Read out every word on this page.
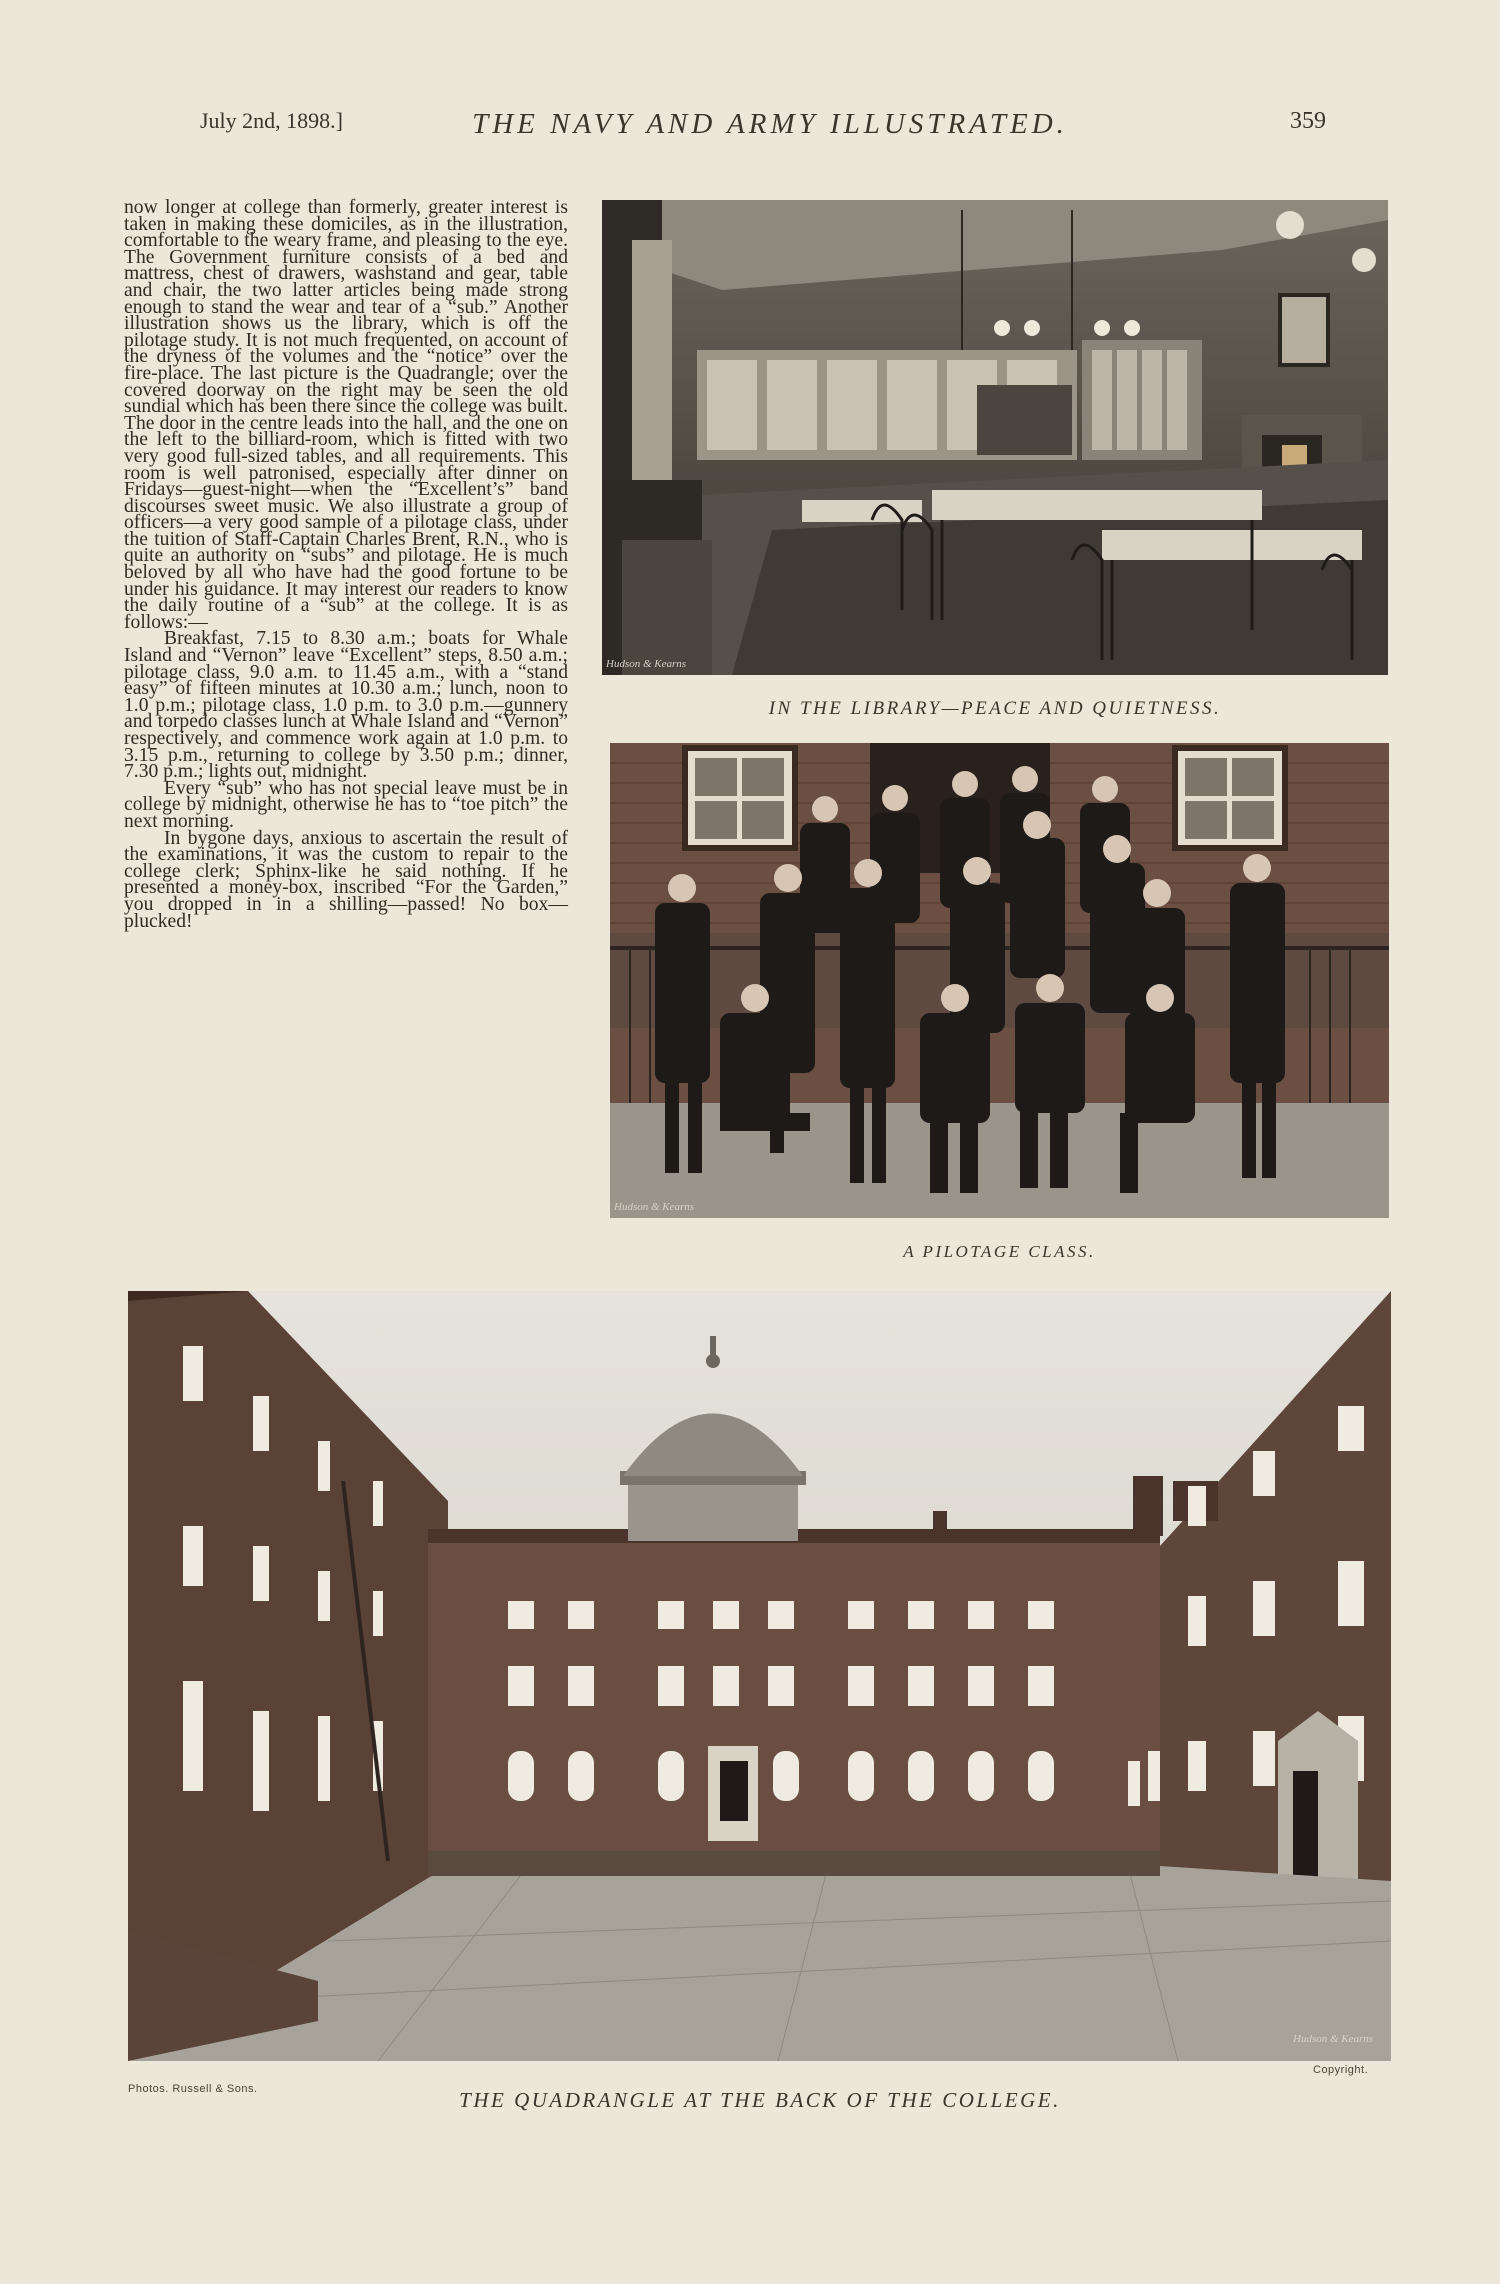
July 2nd, 1898.]	THE NAVY AND ARMY ILLUSTRATED.	359

now longer at college than formerly, greater interest is taken in making these domiciles, as in the illustration, comfortable to the weary frame, and pleasing to the eye. The Government furniture consists of a bed and mattress, chest of drawers, washstand and gear, table and chair, the two latter articles being made strong enough to stand the wear and tear of a “sub.” Another illustration shows us the library, which is off the pilotage study. It is not much frequented, on account of the dryness of the volumes and the “notice” over the fire-place. The last picture is the Quadrangle; over the covered doorway on the right may be seen the old sundial which has been there since the college was built. The door in the centre leads into the hall, and the one on the left to the billiard-room, which is fitted with two very good full-sized tables, and all requirements. This room is well patronised, especially after dinner on Fridays—guest-night—when the “Excellent’s” band discourses sweet music. We also illustrate a group of officers—a very good sample of a pilotage class, under the tuition of Staff-Captain Charles Brent, R.N., who is quite an authority on “subs” and pilotage. He is much beloved by all who have had the good fortune to be under his guidance. It may interest our readers to know the daily routine of a “sub” at the college. It is as follows:—

Breakfast, 7.15 to 8.30 a.m.; boats for Whale Island and “Vernon” leave “Excellent” steps, 8.50 a.m.; pilotage class, 9.0 a.m. to 11.45 a.m., with a “stand easy” of fifteen minutes at 10.30 a.m.; lunch, noon to 1.0 p.m.; pilotage class, 1.0 p.m. to 3.0 p.m.—gunnery and torpedo classes lunch at Whale Island and “Vernon” respectively, and commence work again at 1.0 p.m. to 3.15 p.m., returning to college by 3.50 p.m.; dinner, 7.30 p.m.; lights out, midnight.

Every “sub” who has not special leave must be in college by midnight, otherwise he has to “toe pitch” the next morning.

In bygone days, anxious to ascertain the result of the examinations, it was the custom to repair to the college clerk; Sphinx-like he said nothing. If he presented a money-box, inscribed “For the Garden,” you dropped in in a shilling—passed! No box—plucked!

Hudson & Kearns
IN THE LIBRARY—PEACE AND QUIETNESS.
Hudson & Kearns
A PILOTAGE CLASS.
Hudson & Kearns
THE QUADRANGLE AT THE BACK OF THE COLLEGE.
Photos. Russell & Sons.
Copyright.
